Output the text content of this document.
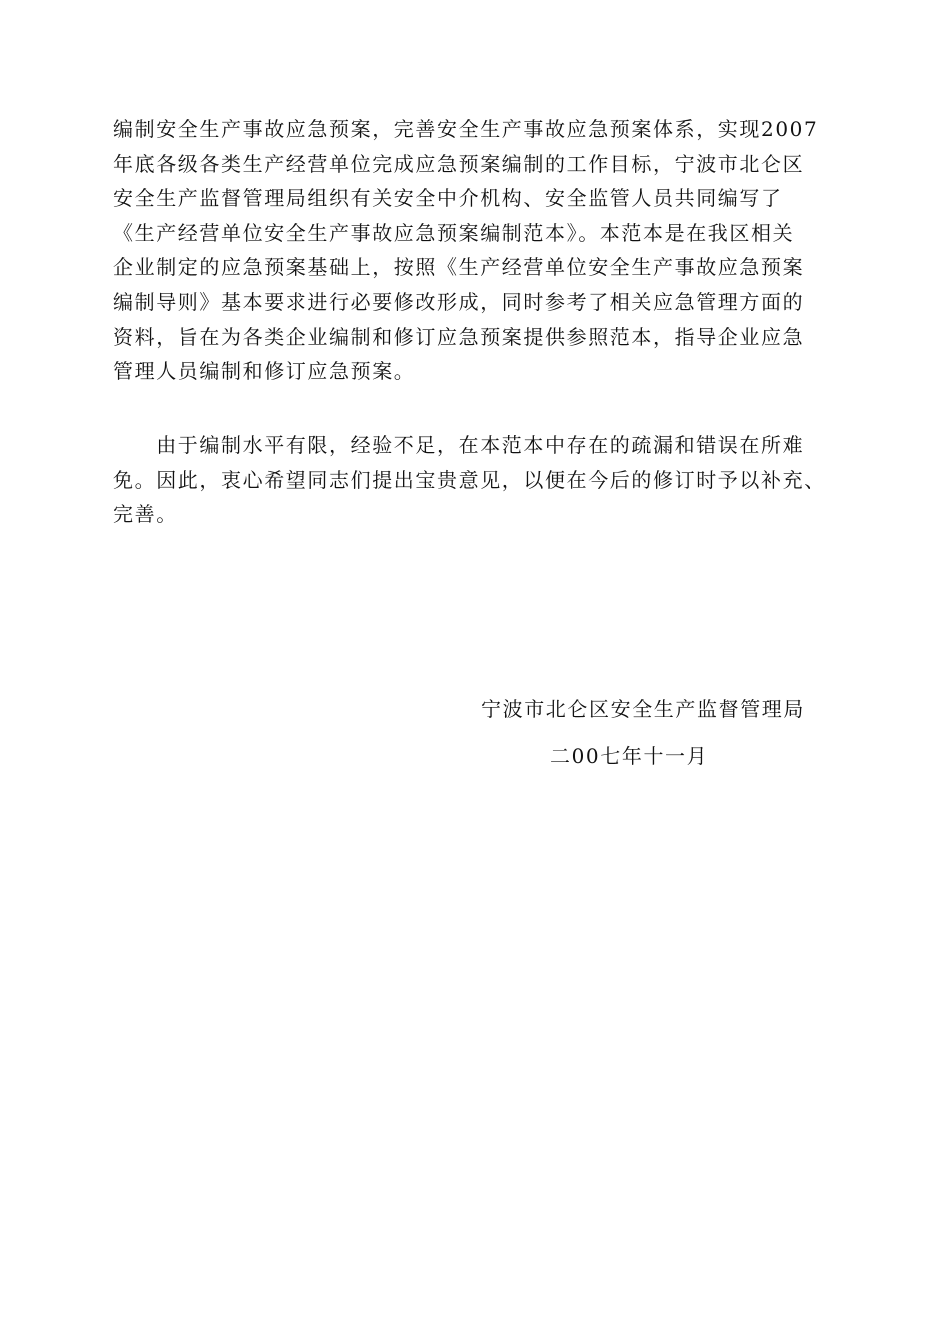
编制安全生产事故应急预案，完善安全生产事故应急预案体系，实现2007
年底各级各类生产经营单位完成应急预案编制的工作目标，宁波市北仑区
安全生产监督管理局组织有关安全中介机构、安全监管人员共同编写了
《生产经营单位安全生产事故应急预案编制范本》。本范本是在我区相关
企业制定的应急预案基础上，按照《生产经营单位安全生产事故应急预案
编制导则》基本要求进行必要修改形成，同时参考了相关应急管理方面的
资料，旨在为各类企业编制和修订应急预案提供参照范本，指导企业应急
管理人员编制和修订应急预案。

　　由于编制水平有限，经验不足，在本范本中存在的疏漏和错误在所难
免。因此，衷心希望同志们提出宝贵意见，以便在今后的修订时予以补充、
完善。

宁波市北仑区安全生产监督管理局

二00七年十一月
